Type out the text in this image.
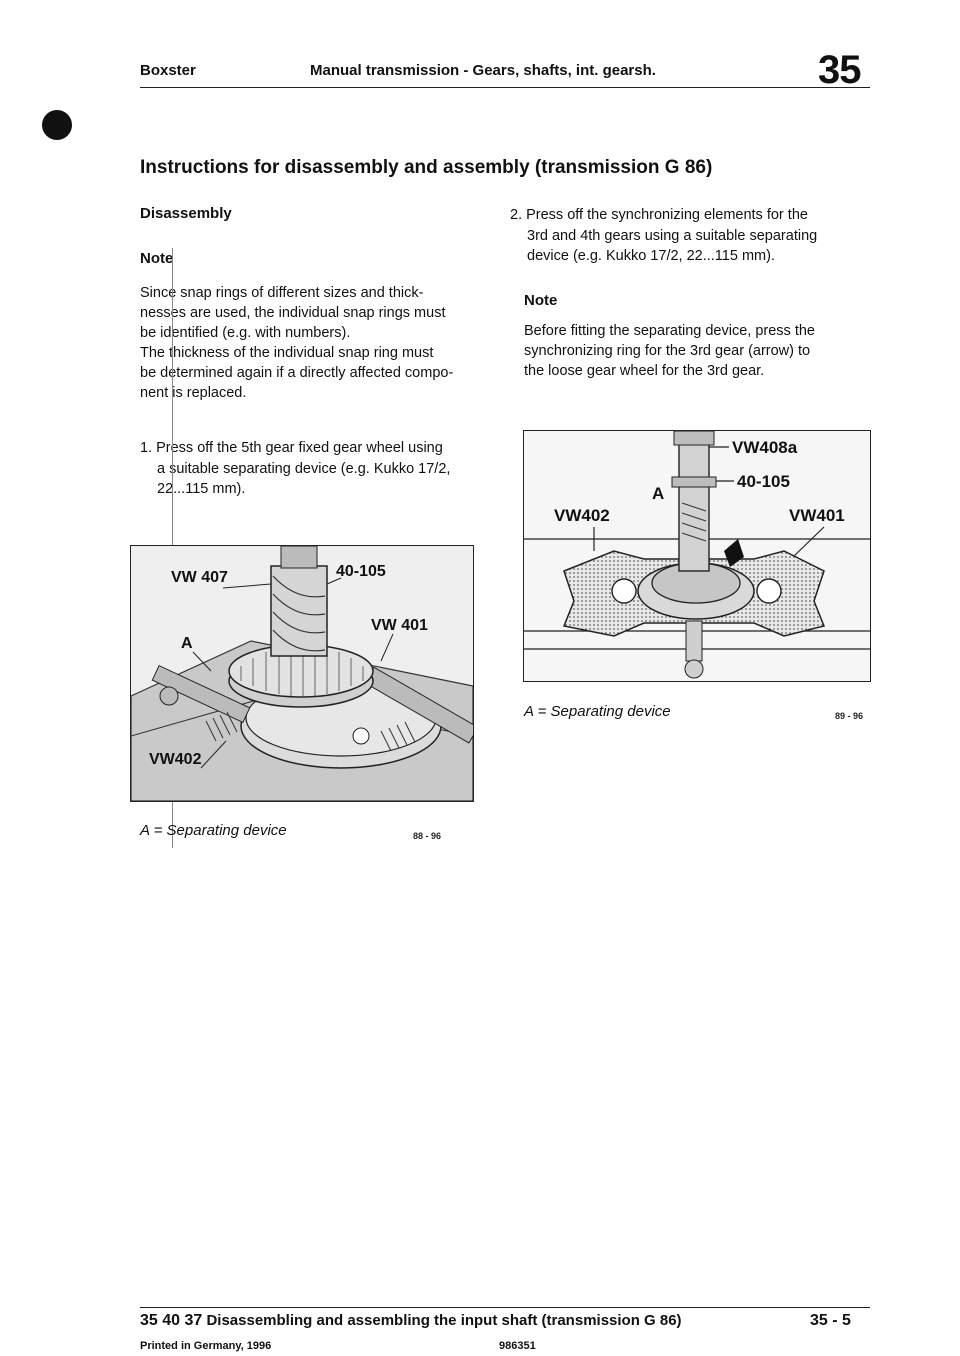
Boxster	Manual transmission - Gears, shafts, int. gearsh.	35
Instructions for disassembly and assembly (transmission G 86)
Disassembly
Note
Since snap rings of different sizes and thick-
nesses are used, the individual snap rings must
be identified (e.g. with numbers).
The thickness of the individual snap ring must
be determined again if a directly affected compo-
nent is replaced.
1. Press off the 5th gear fixed gear wheel using
a suitable separating device (e.g. Kukko 17/2,
22...115 mm).
VW 407	40-105
VW 401
A
VW402
A = Separating device	88 - 96
2. Press off the synchronizing elements for the
3rd and 4th gears using a suitable separating
device (e.g. Kukko 17/2, 22...115 mm).
Note
Before fitting the separating device, press the
synchronizing ring for the 3rd gear (arrow) to
the loose gear wheel for the 3rd gear.
VW408a
40-105
A
VW402	VW401
A = Separating device	89 - 96
35 40 37 Disassembling and assembling the input shaft (transmission G 86)	35 - 5
Printed in Germany, 1996	986351
